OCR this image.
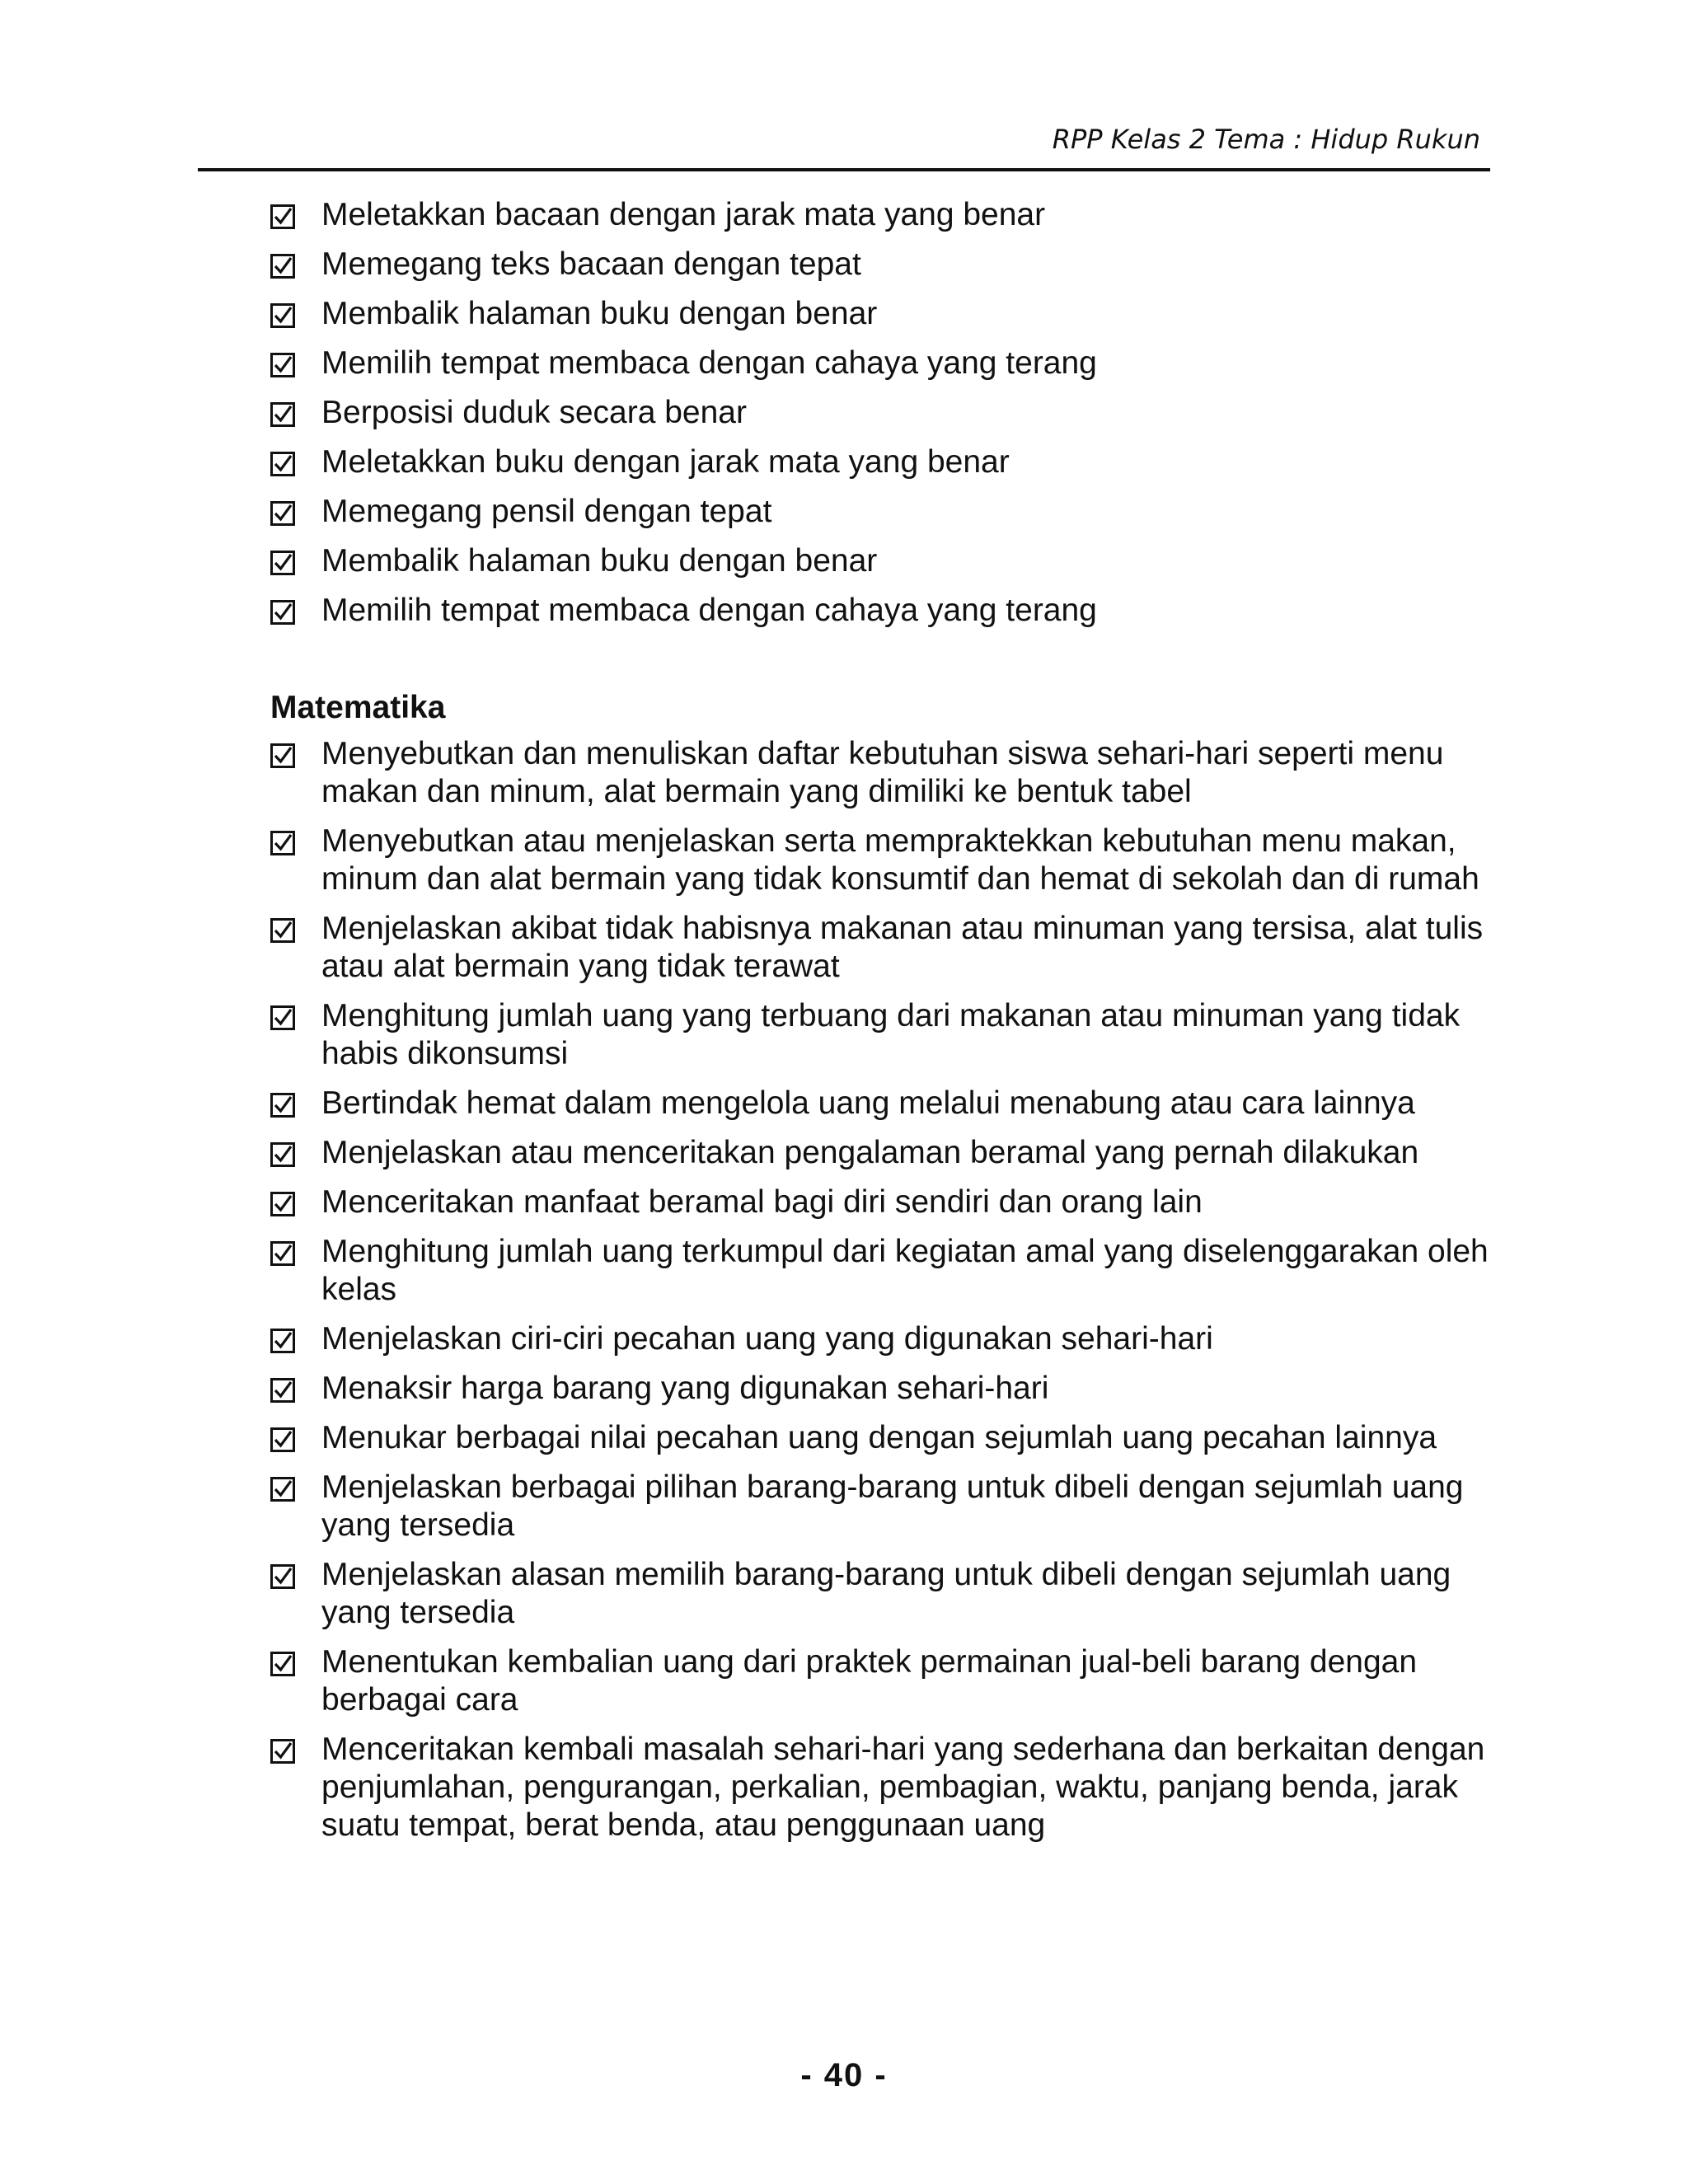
RPP Kelas 2 Tema : Hidup Rukun
Meletakkan bacaan dengan jarak mata yang benar
Memegang teks bacaan dengan tepat
Membalik halaman buku dengan benar
Memilih tempat membaca dengan cahaya yang terang
Berposisi duduk secara benar
Meletakkan buku dengan jarak mata yang benar
Memegang pensil dengan tepat
Membalik halaman buku dengan benar
Memilih tempat membaca dengan cahaya yang terang
Matematika
Menyebutkan dan menuliskan daftar kebutuhan siswa sehari-hari seperti menu makan dan minum, alat bermain yang dimiliki ke bentuk tabel
Menyebutkan atau menjelaskan serta mempraktekkan kebutuhan menu makan, minum dan alat bermain yang tidak konsumtif dan hemat di sekolah dan di rumah
Menjelaskan akibat tidak habisnya makanan atau minuman yang tersisa, alat tulis atau alat bermain yang tidak terawat
Menghitung jumlah uang yang terbuang dari makanan atau minuman yang tidak habis dikonsumsi
Bertindak hemat dalam mengelola uang melalui menabung atau cara lainnya
Menjelaskan atau menceritakan pengalaman beramal yang pernah dilakukan
Menceritakan manfaat beramal bagi diri sendiri dan orang lain
Menghitung jumlah uang terkumpul dari kegiatan amal yang diselenggarakan oleh kelas
Menjelaskan ciri-ciri pecahan uang yang digunakan sehari-hari
Menaksir harga barang yang digunakan sehari-hari
Menukar berbagai nilai pecahan uang dengan sejumlah uang pecahan lainnya
Menjelaskan berbagai pilihan barang-barang untuk dibeli dengan sejumlah uang yang tersedia
Menjelaskan alasan memilih barang-barang untuk dibeli dengan sejumlah uang yang tersedia
Menentukan kembalian uang dari praktek permainan jual-beli barang dengan berbagai cara
Menceritakan kembali masalah sehari-hari yang sederhana dan berkaitan dengan penjumlahan, pengurangan, perkalian, pembagian, waktu, panjang benda, jarak suatu tempat, berat benda, atau penggunaan uang
- 40 -
